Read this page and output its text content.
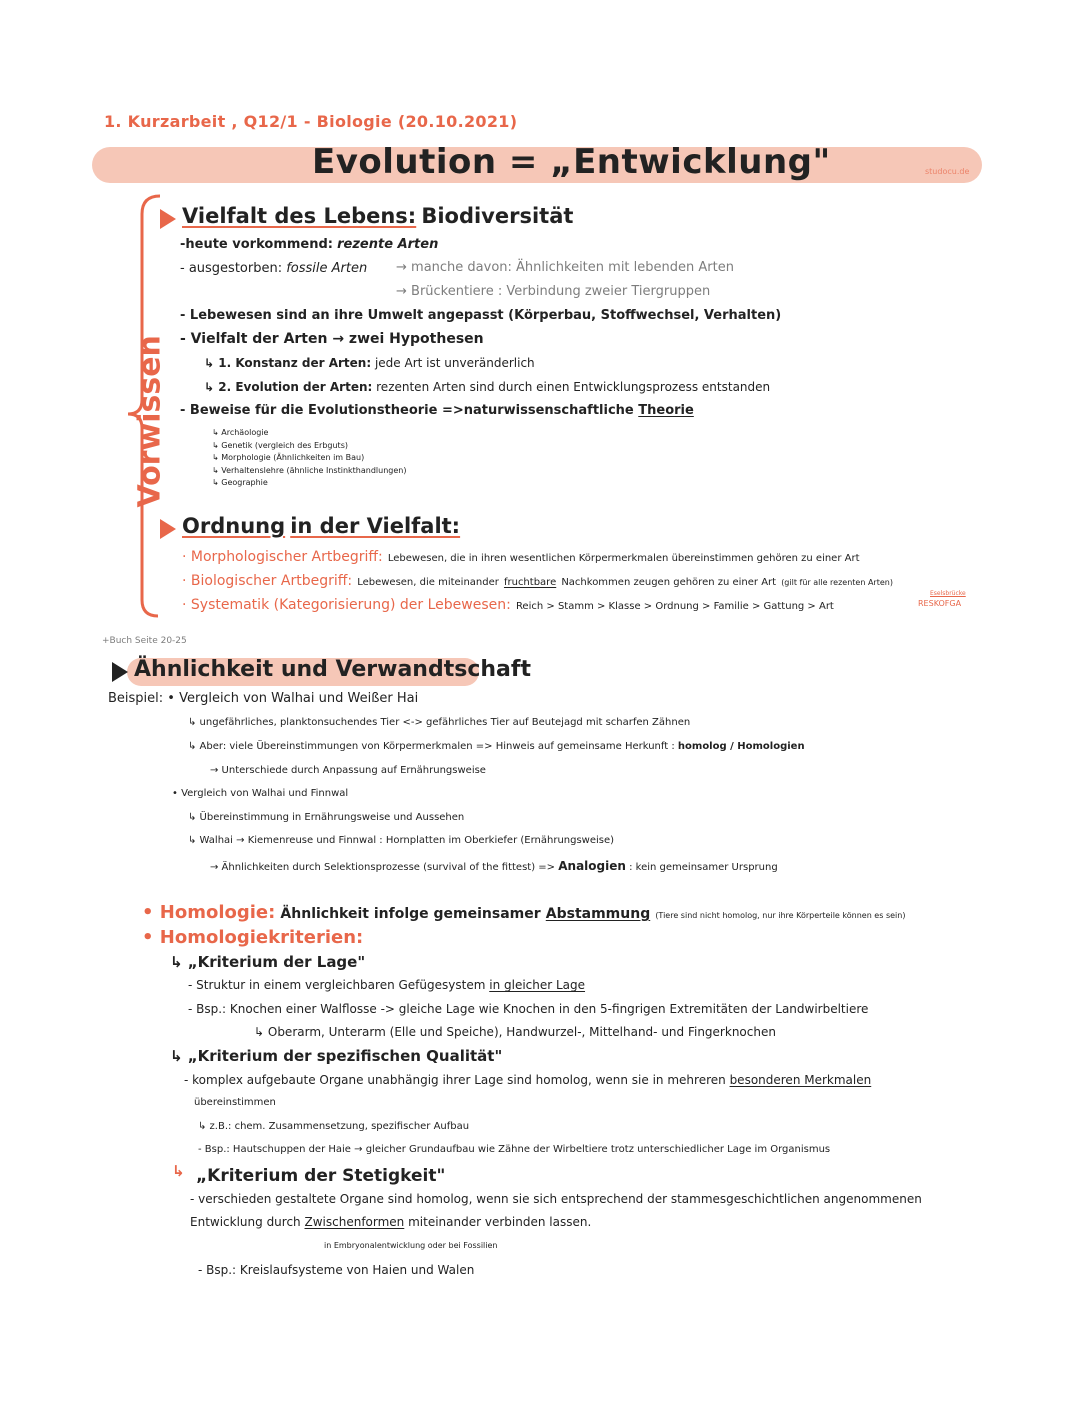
1. Kurzarbeit , Q12/1 - Biologie (20.10.2021)
Evolution = „Entwicklung"	studocu.de
Vorwissen
Vielfalt des Lebens: Biodiversität
-heute vorkommend: rezente Arten
- ausgestorben: fossile Arten → manche davon: Ähnlichkeiten mit lebenden Arten
→ Brückentiere : Verbindung zweier Tiergruppen
- Lebewesen sind an ihre Umwelt angepasst (Körperbau, Stoffwechsel, Verhalten)
- Vielfalt der Arten → zwei Hypothesen
↳ 1. Konstanz der Arten: jede Art ist unveränderlich
↳ 2. Evolution der Arten: rezenten Arten sind durch einen Entwicklungsprozess entstanden
- Beweise für die Evolutionstheorie =>naturwissenschaftliche Theorie
↳ Archäologie
↳ Genetik (vergleich des Erbguts)
↳ Morphologie (Ähnlichkeiten im Bau)
↳ Verhaltenslehre (ähnliche Instinkthandlungen)
↳ Geographie
Ordnung in der Vielfalt:
· Morphologischer Artbegriff: Lebewesen, die in ihren wesentlichen Körpermerkmalen übereinstimmen gehören zu einer Art
· Biologischer Artbegriff: Lebewesen, die miteinander fruchtbare Nachkommen zeugen gehören zu einer Art (gilt für alle rezenten Arten)
· Systematik (Kategorisierung) der Lebewesen: Reich > Stamm > Klasse > Ordnung > Familie > Gattung > Art
Eselsbrücke
RESKOFGA
+Buch Seite 20-25
Ähnlichkeit und Verwandtschaft
Beispiel: • Vergleich von Walhai und Weißer Hai
↳ ungefährliches, planktonsuchendes Tier <-> gefährliches Tier auf Beutejagd mit scharfen Zähnen
↳ Aber: viele Übereinstimmungen von Körpermerkmalen => Hinweis auf gemeinsame Herkunft : homolog / Homologien
→ Unterschiede durch Anpassung auf Ernährungsweise
• Vergleich von Walhai und Finnwal
↳ Übereinstimmung in Ernährungsweise und Aussehen
↳ Walhai → Kiemenreuse und Finnwal : Hornplatten im Oberkiefer (Ernährungsweise)
→ Ähnlichkeiten durch Selektionsprozesse (survival of the fittest) => Analogien : kein gemeinsamer Ursprung
• Homologie: Ähnlichkeit infolge gemeinsamer Abstammung (Tiere sind nicht homolog, nur ihre Körperteile können es sein)
• Homologiekriterien:
↳ „Kriterium der Lage"
- Struktur in einem vergleichbaren Gefügesystem in gleicher Lage
- Bsp.: Knochen einer Walflosse -> gleiche Lage wie Knochen in den 5-fingrigen Extremitäten der Landwirbeltiere
↳ Oberarm, Unterarm (Elle und Speiche), Handwurzel-, Mittelhand- und Fingerknochen
↳ „Kriterium der spezifischen Qualität"
- komplex aufgebaute Organe unabhängig ihrer Lage sind homolog, wenn sie in mehreren besonderen Merkmalen
übereinstimmen
↳ z.B.: chem. Zusammensetzung, spezifischer Aufbau
- Bsp.: Hautschuppen der Haie → gleicher Grundaufbau wie Zähne der Wirbeltiere trotz unterschiedlicher Lage im Organismus
↳ „Kriterium der Stetigkeit"
- verschieden gestaltete Organe sind homolog, wenn sie sich entsprechend der stammesgeschichtlichen angenommenen
Entwicklung durch Zwischenformen miteinander verbinden lassen.
in Embryonalentwicklung oder bei Fossilien
- Bsp.: Kreislaufsysteme von Haien und Walen
